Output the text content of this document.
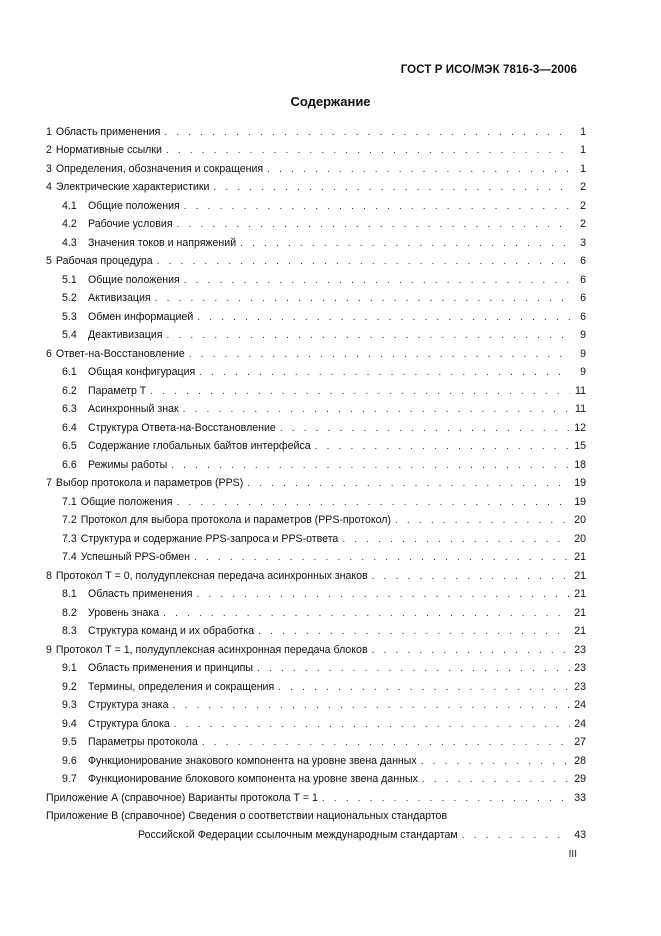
ГОСТ Р ИСО/МЭК 7816-3—2006
Содержание
1 Область применения . . .	1
2 Нормативные ссылки . . .	1
3 Определения, обозначения и сокращения . . .	1
4 Электрические характеристики . . .	2
4.1	Общие положения . . .	2
4.2	Рабочие условия . . .	2
4.3	Значения токов и напряжений . . .	3
5 Рабочая процедура . . .	6
5.1	Общие положения . . .	6
5.2	Активизация . . .	6
5.3	Обмен информацией . . .	6
5.4	Деактивизация . . .	9
6 Ответ-на-Восстановление . . .	9
6.1	Общая конфигурация . . .	9
6.2	Параметр Т . . .	11
6.3	Асинхронный знак . . .	11
6.4	Структура Ответа-на-Восстановление . . .	12
6.5	Содержание глобальных байтов интерфейса . . .	15
6.6	Режимы работы . . .	18
7 Выбор протокола и параметров (PPS) . . .	19
7.1 Общие положения . . .	19
7.2 Протокол для выбора протокола и параметров (PPS-протокол) . . .	20
7.3 Структура и содержание PPS-запроса и PPS-ответа . . .	20
7.4 Успешный PPS-обмен . . .	21
8 Протокол Т = 0, полудуплексная передача асинхронных знаков . . .	21
8.1	Область применения . . .	21
8.2	Уровень знака . . .	21
8.3	Структура команд и их обработка . . .	21
9 Протокол Т = 1, полудуплексная асинхронная передача блоков . . .	23
9.1	Область применения и принципы . . .	23
9.2	Термины, определения и сокращения . . .	23
9.3	Структура знака . . .	24
9.4	Структура блока . . .	24
9.5	Параметры протокола . . .	27
9.6	Функционирование знакового компонента на уровне звена данных . . .	28
9.7	Функционирование блокового компонента на уровне звена данных . . .	29
Приложение А (справочное) Варианты протокола Т = 1 . . .	33
Приложение В (справочное) Сведения о соответствии национальных стандартов
Российской Федерации ссылочным международным стандартам . . .	43
III
